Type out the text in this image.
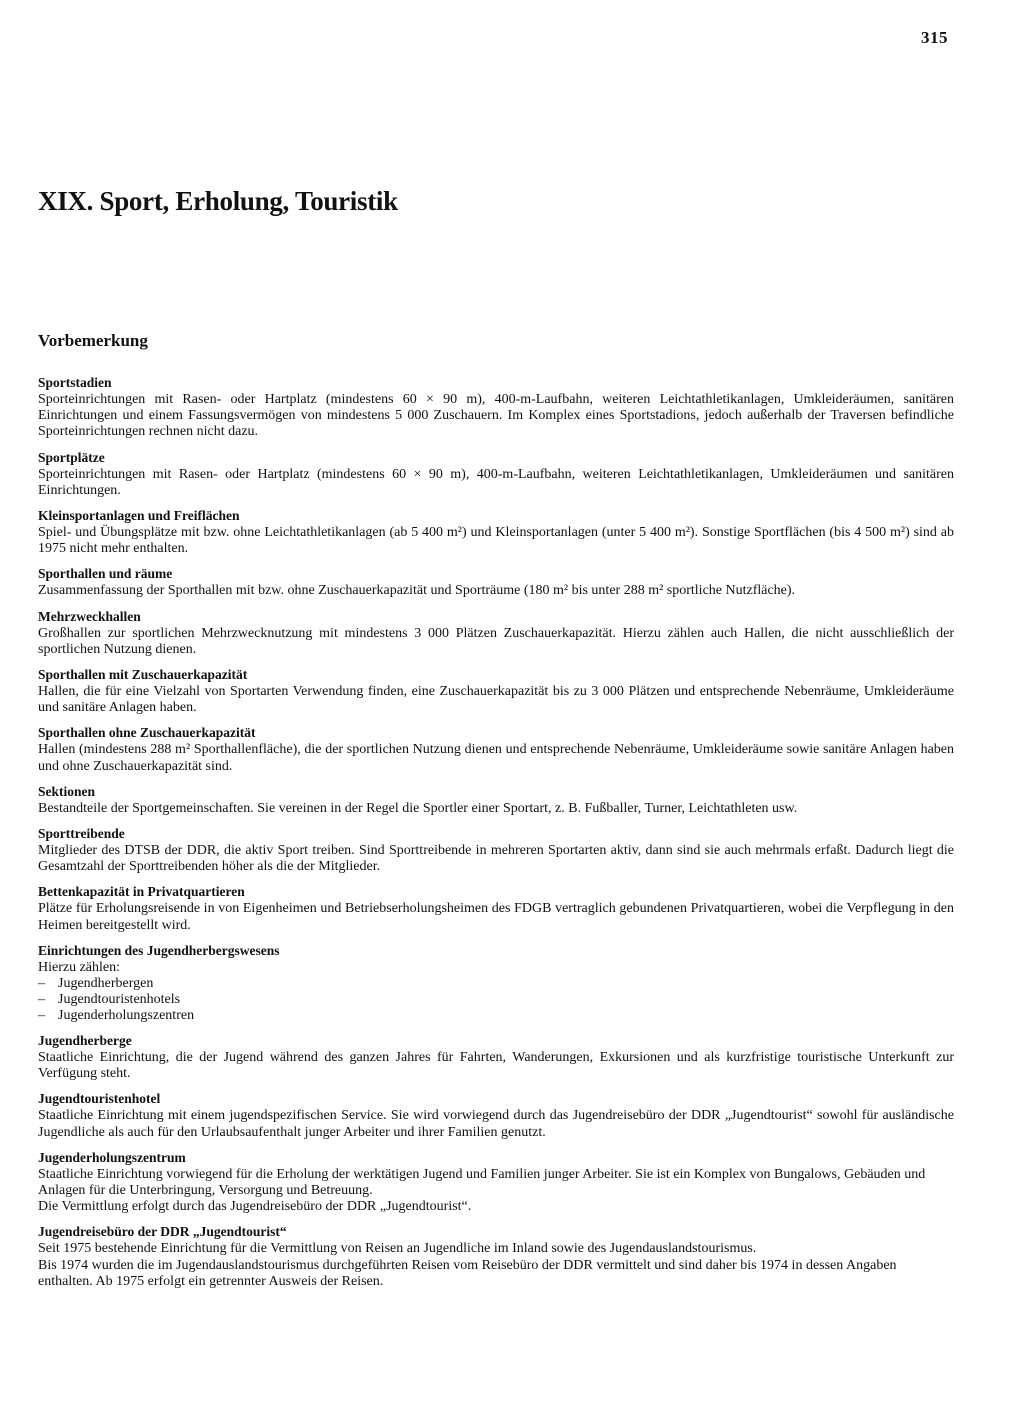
315
XIX. Sport, Erholung, Touristik
Vorbemerkung
Sportstadien

Sporteinrichtungen mit Rasen- oder Hartplatz (mindestens 60 × 90 m), 400-m-Laufbahn, weiteren Leichtathletikanlagen, Umkleideräumen, sanitären Einrichtungen und einem Fassungsvermögen von mindestens 5 000 Zuschauern. Im Komplex eines Sportstadions, jedoch außerhalb der Traversen befindliche Sporteinrichtungen rechnen nicht dazu.

Sportplätze

Sporteinrichtungen mit Rasen- oder Hartplatz (mindestens 60 × 90 m), 400-m-Laufbahn, weiteren Leichtathletikanlagen, Umkleideräumen und sanitären Einrichtungen.

Kleinsportanlagen und Freiflächen

Spiel- und Übungsplätze mit bzw. ohne Leichtathletikanlagen (ab 5 400 m²) und Kleinsportanlagen (unter 5 400 m²). Sonstige Sportflächen (bis 4 500 m²) sind ab 1975 nicht mehr enthalten.

Sporthallen und räume

Zusammenfassung der Sporthallen mit bzw. ohne Zuschauerkapazität und Sporträume (180 m² bis unter 288 m² sportliche Nutzfläche).

Mehrzweckhallen

Großhallen zur sportlichen Mehrzwecknutzung mit mindestens 3 000 Plätzen Zuschauerkapazität. Hierzu zählen auch Hallen, die nicht ausschließlich der sportlichen Nutzung dienen.

Sporthallen mit Zuschauerkapazität

Hallen, die für eine Vielzahl von Sportarten Verwendung finden, eine Zuschauerkapazität bis zu 3 000 Plätzen und entsprechende Nebenräume, Umkleideräume und sanitäre Anlagen haben.

Sporthallen ohne Zuschauerkapazität

Hallen (mindestens 288 m² Sporthallenfläche), die der sportlichen Nutzung dienen und entsprechende Nebenräume, Umkleideräume sowie sanitäre Anlagen haben und ohne Zuschauerkapazität sind.

Sektionen

Bestandteile der Sportgemeinschaften. Sie vereinen in der Regel die Sportler einer Sportart, z. B. Fußballer, Turner, Leichtathleten usw.

Sporttreibende

Mitglieder des DTSB der DDR, die aktiv Sport treiben. Sind Sporttreibende in mehreren Sportarten aktiv, dann sind sie auch mehrmals erfaßt. Dadurch liegt die Gesamtzahl der Sporttreibenden höher als die der Mitglieder.

Bettenkapazität in Privatquartieren

Plätze für Erholungsreisende in von Eigenheimen und Betriebserholungsheimen des FDGB vertraglich gebundenen Privatquartieren, wobei die Verpflegung in den Heimen bereitgestellt wird.

Einrichtungen des Jugendherbergswesens

Hierzu zählen:

– Jugendherbergen
– Jugendtouristenhotels
– Jugenderholungszentren
Jugendherberge

Staatliche Einrichtung, die der Jugend während des ganzen Jahres für Fahrten, Wanderungen, Exkursionen und als kurzfristige touristische Unterkunft zur Verfügung steht.

Jugendtouristenhotel

Staatliche Einrichtung mit einem jugendspezifischen Service. Sie wird vorwiegend durch das Jugendreisebüro der DDR „Jugendtourist“ sowohl für ausländische Jugendliche als auch für den Urlaubsaufenthalt junger Arbeiter und ihrer Familien genutzt.

Jugenderholungszentrum

Staatliche Einrichtung vorwiegend für die Erholung der werktätigen Jugend und Familien junger Arbeiter. Sie ist ein Komplex von Bungalows, Gebäuden und Anlagen für die Unterbringung, Versorgung und Betreuung.
Die Vermittlung erfolgt durch das Jugendreisebüro der DDR „Jugendtourist“.

Jugendreisebüro der DDR „Jugendtourist“

Seit 1975 bestehende Einrichtung für die Vermittlung von Reisen an Jugendliche im Inland sowie des Jugendauslandstourismus.
Bis 1974 wurden die im Jugendauslandstourismus durchgeführten Reisen vom Reisebüro der DDR vermittelt und sind daher bis 1974 in dessen Angaben enthalten. Ab 1975 erfolgt ein getrennter Ausweis der Reisen.
